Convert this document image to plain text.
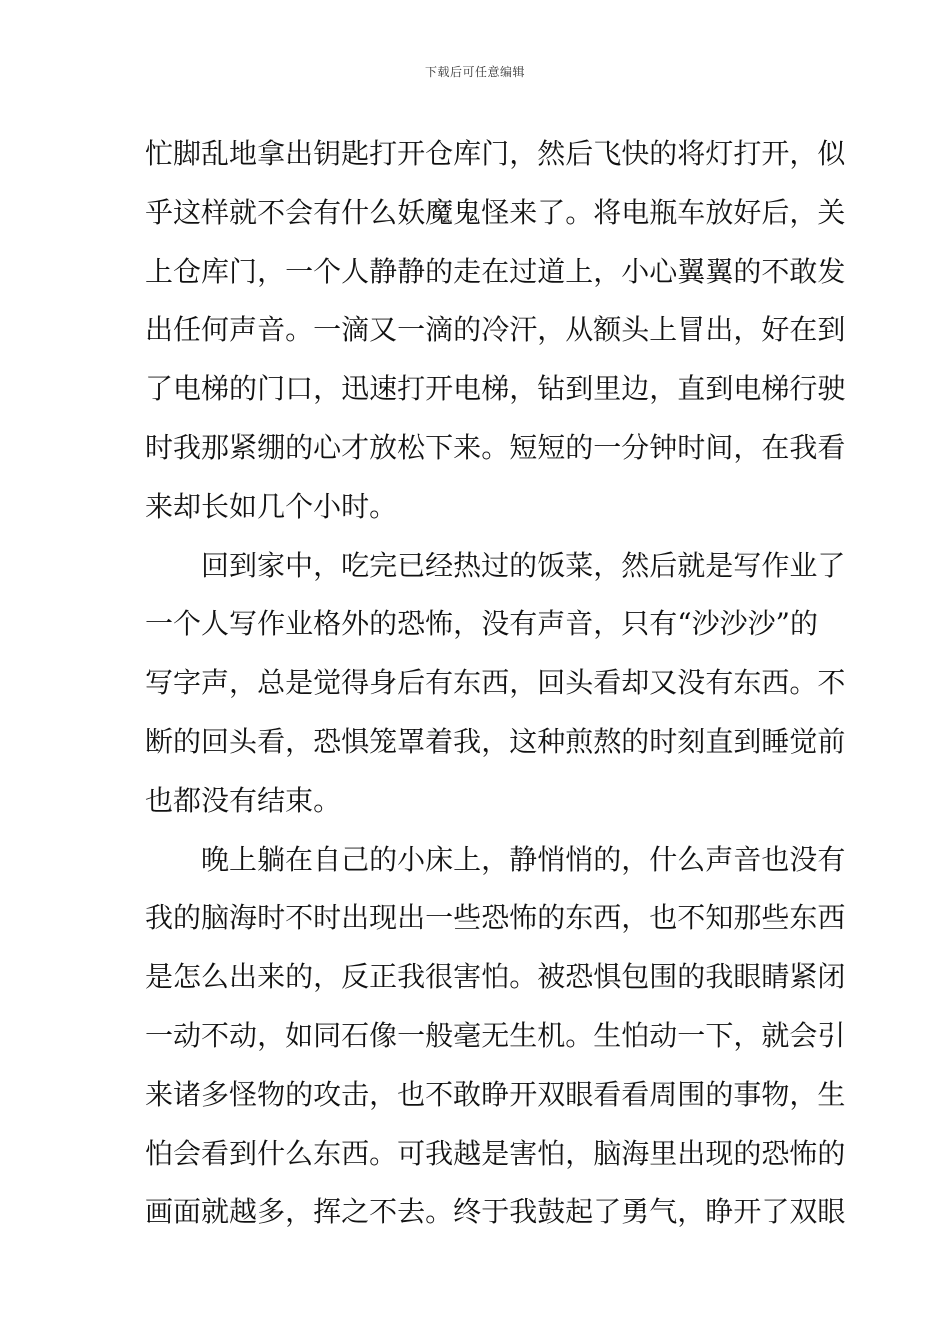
下载后可任意编辑
忙 脚 乱 地 拿 出 钥 匙 打 开 仓 库 门 ， 然 后 飞 快 的 将 灯 打 开 ， 似
乎 这 样 就 不 会 有 什 么 妖 魔 鬼 怪 来 了 。 将 电 瓶 车 放 好 后 ， 关
上 仓 库 门 ， 一 个 人 静 静 的 走 在 过 道 上 ， 小 心 翼 翼 的 不 敢 发
出 任 何 声 音 。 一 滴 又 一 滴 的 冷 汗 ， 从 额 头 上 冒 出 ， 好 在 到
了 电 梯 的 门 口 ， 迅 速 打 开 电 梯 ， 钻 到 里 边 ， 直 到 电 梯 行 驶
时 我 那 紧 绷 的 心 才 放 松 下 来 。 短 短 的 一 分 钟 时 间 ， 在 我 看
来 却 长 如 几 个 小 时 。
回 到 家 中 ， 吃 完 已 经 热 过 的 饭 菜 ， 然 后 就 是 写 作 业 了
一 个 人 写 作 业 格 外 的 恐 怖 ， 没 有 声 音 ， 只 有 “ 沙 沙 沙 ” 的
写 字 声 ， 总 是 觉 得 身 后 有 东 西 ， 回 头 看 却 又 没 有 东 西 。 不
断 的 回 头 看 ， 恐 惧 笼 罩 着 我 ， 这 种 煎 熬 的 时 刻 直 到 睡 觉 前
也 都 没 有 结 束 。
晚 上 躺 在 自 己 的 小 床 上 ， 静 悄 悄 的 ， 什 么 声 音 也 没 有
我 的 脑 海 时 不 时 出 现 出 一 些 恐 怖 的 东 西 ， 也 不 知 那 些 东 西
是 怎 么 出 来 的 ， 反 正 我 很 害 怕 。 被 恐 惧 包 围 的 我 眼 睛 紧 闭
一 动 不 动 ， 如 同 石 像 一 般 毫 无 生 机 。 生 怕 动 一 下 ， 就 会 引
来 诸 多 怪 物 的 攻 击 ， 也 不 敢 睁 开 双 眼 看 看 周 围 的 事 物 ， 生
怕 会 看 到 什 么 东 西 。 可 我 越 是 害 怕 ， 脑 海 里 出 现 的 恐 怖 的
画 面 就 越 多 ， 挥 之 不 去 。 终 于 我 鼓 起 了 勇 气 ， 睁 开 了 双 眼
